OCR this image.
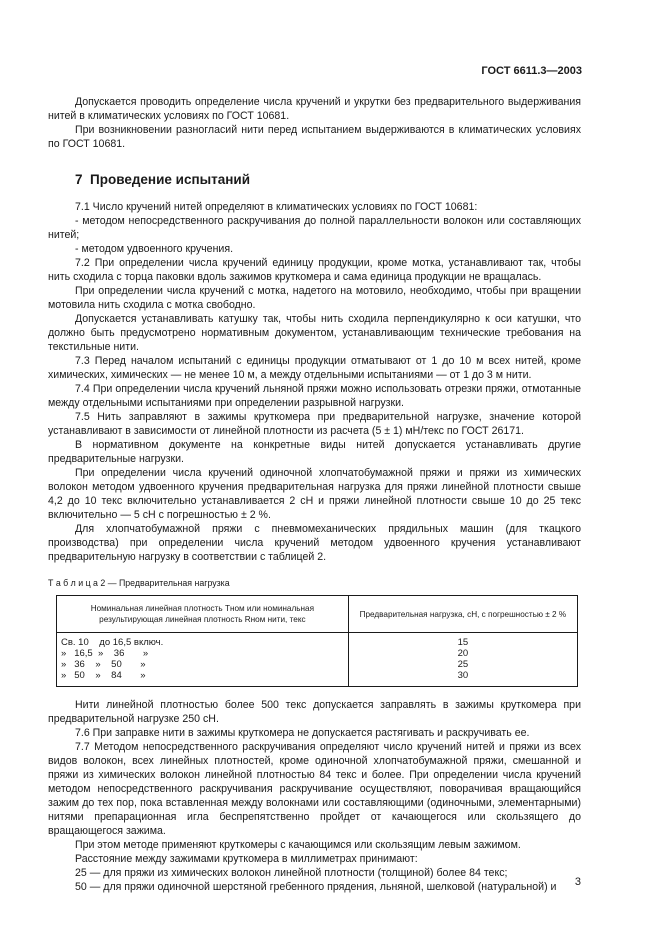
ГОСТ 6611.3—2003

Допускается проводить определение числа кручений и укрутки без предварительного выдерживания нитей в климатических условиях по ГОСТ 10681.

При возникновении разногласий нити перед испытанием выдерживаются в климатических условиях по ГОСТ 10681.

7 Проведение испытаний

7.1 Число кручений нитей определяют в климатических условиях по ГОСТ 10681:

- методом непосредственного раскручивания до полной параллельности волокон или составляющих нитей;

- методом удвоенного кручения.

7.2 При определении числа кручений единицу продукции, кроме мотка, устанавливают так, чтобы нить сходила с торца паковки вдоль зажимов круткомера и сама единица продукции не вращалась.

При определении числа кручений с мотка, надетого на мотовило, необходимо, чтобы при вращении мотовила нить сходила с мотка свободно.

Допускается устанавливать катушку так, чтобы нить сходила перпендикулярно к оси катушки, что должно быть предусмотрено нормативным документом, устанавливающим технические требования на текстильные нити.

7.3 Перед началом испытаний с единицы продукции отматывают от 1 до 10 м всех нитей, кроме химических, химических — не менее 10 м, а между отдельными испытаниями — от 1 до 3 м нити.

7.4 При определении числа кручений льняной пряжи можно использовать отрезки пряжи, отмотанные между отдельными испытаниями при определении разрывной нагрузки.

7.5 Нить заправляют в зажимы круткомера при предварительной нагрузке, значение которой устанавливают в зависимости от линейной плотности из расчета (5 ± 1) мН/текс по ГОСТ 26171.

В нормативном документе на конкретные виды нитей допускается устанавливать другие предварительные нагрузки.

При определении числа кручений одиночной хлопчатобумажной пряжи и пряжи из химических волокон методом удвоенного кручения предварительная нагрузка для пряжи линейной плотности свыше 4,2 до 10 текс включительно устанавливается 2 сН и пряжи линейной плотности свыше 10 до 25 текс включительно — 5 сН с погрешностью ± 2 %.

Для хлопчатобумажной пряжи с пневмомеханических прядильных машин (для ткацкого производства) при определении числа кручений методом удвоенного кручения устанавливают предварительную нагрузку в соответствии с таблицей 2.

Т а б л и ц а 2 — Предварительная нагрузка
Номинальная линейная плотность Tном или номинальная результирующая линейная плотность Rном нити, текс	Предварительная нагрузка, сН, с погрешностью ± 2 %
Св. 10    до 16,5 включ.	15
»   16,5  »    36       »	20
»   36    »    50       »	25
»   50    »    84       »	30

Нити линейной плотностью более 500 текс допускается заправлять в зажимы круткомера при предварительной нагрузке 250 сН.

7.6 При заправке нити в зажимы круткомера не допускается растягивать и раскручивать ее.

7.7 Методом непосредственного раскручивания определяют число кручений нитей и пряжи из всех видов волокон, всех линейных плотностей, кроме одиночной хлопчатобумажной пряжи, смешанной и пряжи из химических волокон линейной плотностью 84 текс и более. При определении числа кручений методом непосредственного раскручивания раскручивание осуществляют, поворачивая вращающийся зажим до тех пор, пока вставленная между волокнами или составляющими (одиночными, элементарными) нитями препарационная игла беспрепятственно пройдет от качающегося или скользящего до вращающегося зажима.

При этом методе применяют круткомеры с качающимся или скользящим левым зажимом.

Расстояние между зажимами круткомера в миллиметрах принимают:

25 — для пряжи из химических волокон линейной плотности (толщиной) более 84 текс;

50 — для пряжи одиночной шерстяной гребенного прядения, льняной, шелковой (натуральной) и	3
